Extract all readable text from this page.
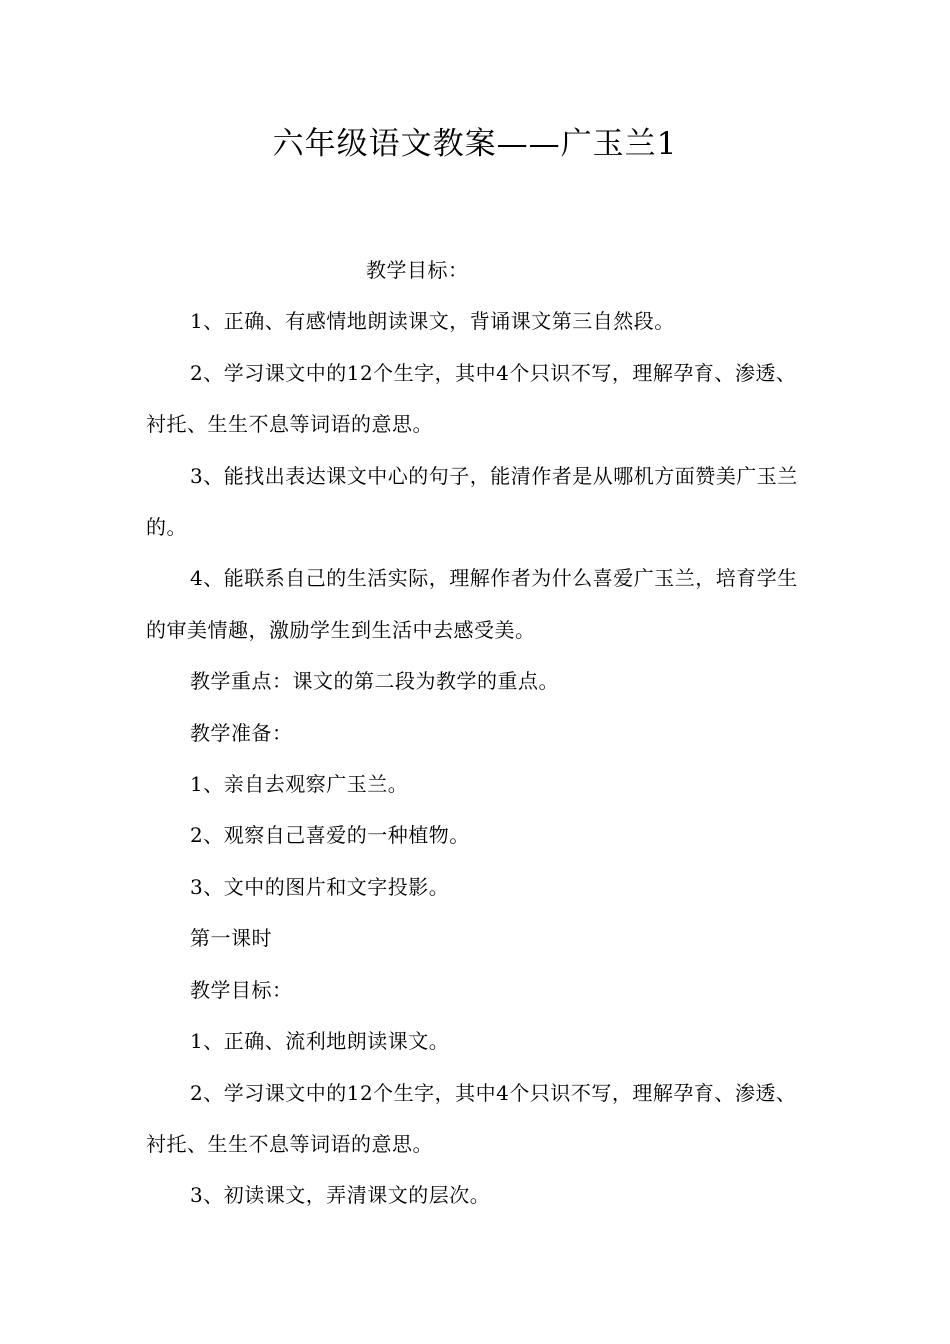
六年级语文教案——广玉兰1

教学目标：

1、正确、有感情地朗读课文，背诵课文第三自然段。

2、学习课文中的12个生字，其中4个只识不写，理解孕育、渗透、衬托、生生不息等词语的意思。

3、能找出表达课文中心的句子，能清作者是从哪机方面赞美广玉兰的。

4、能联系自己的生活实际，理解作者为什么喜爱广玉兰，培育学生的审美情趣，激励学生到生活中去感受美。

教学重点：课文的第二段为教学的重点。

教学准备：

1、亲自去观察广玉兰。

2、观察自己喜爱的一种植物。

3、文中的图片和文字投影。

第一课时

教学目标：

1、正确、流利地朗读课文。

2、学习课文中的12个生字，其中4个只识不写，理解孕育、渗透、衬托、生生不息等词语的意思。

3、初读课文，弄清课文的层次。
